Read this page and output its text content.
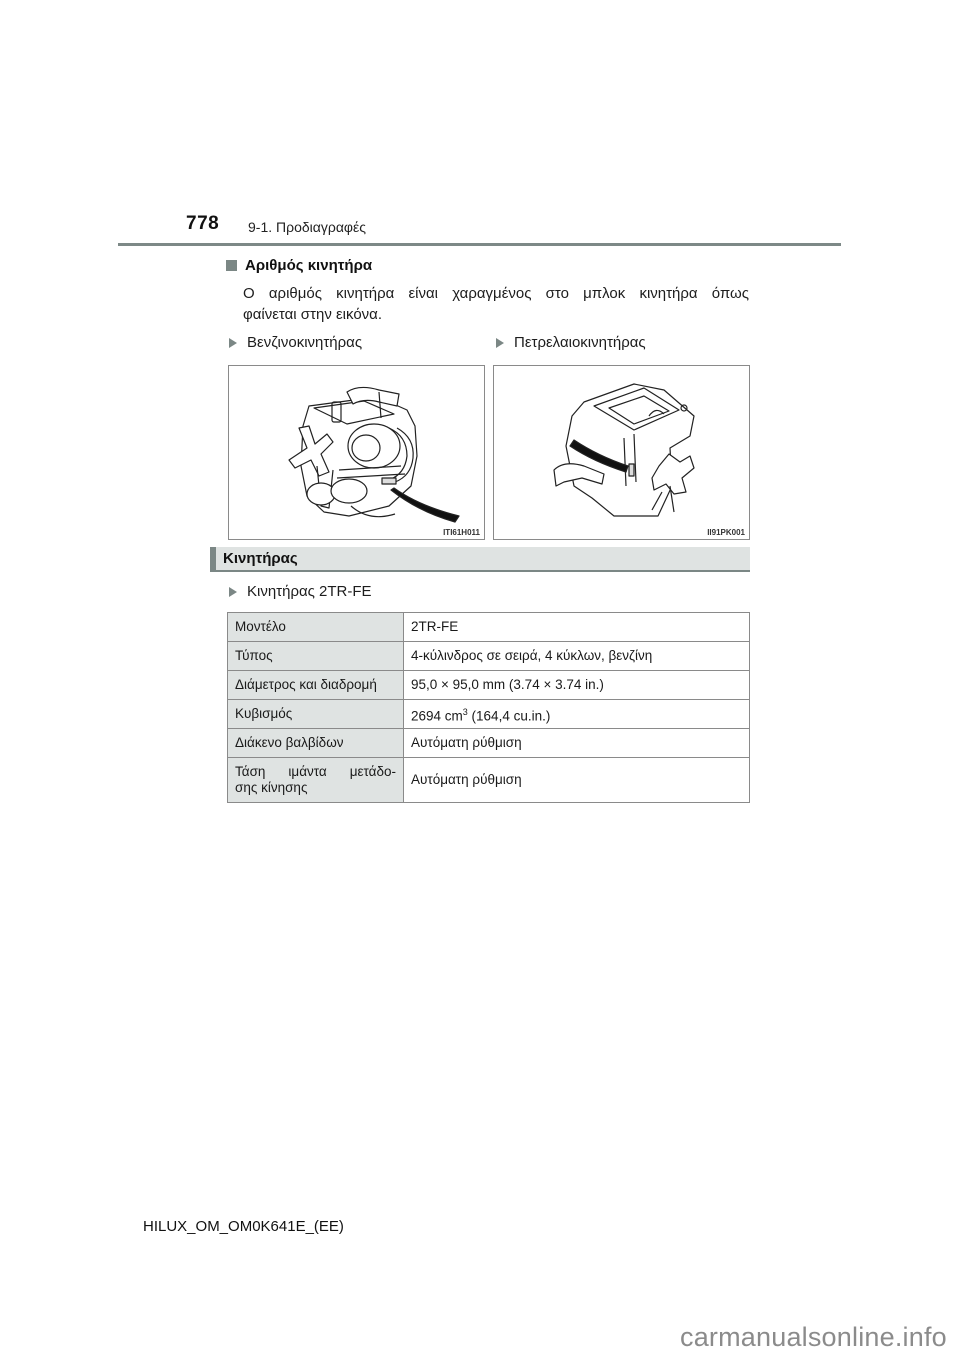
778 9-1. Προδιαγραφές
Αριθμός κινητήρα
Ο αριθμός κινητήρα είναι χαραγμένος στο μπλοκ κινητήρα όπως
φαίνεται στην εικόνα.
Βενζινοκινητήρας	Πετρελαιοκινητήρας
ITI61H011	II91PK001
Κινητήρας
Κινητήρας 2TR-FE
Μοντέλο	2TR-FE
Τύπος	4-κύλινδρος σε σειρά, 4 κύκλων, βενζίνη
Διάμετρος και διαδρομή	95,0 × 95,0 mm (3.74 × 3.74 in.)
Κυβισμός	2694 $cm^3$ (164,4 cu.in.)
Διάκενο βαλβίδων	Αυτόματη ρύθμιση

Τάση ιμάντα μετάδο-
σης κίνησης	Αυτόματη ρύθμιση
HILUX_OM_OM0K641E_(EE)
carmanualsonline.info
